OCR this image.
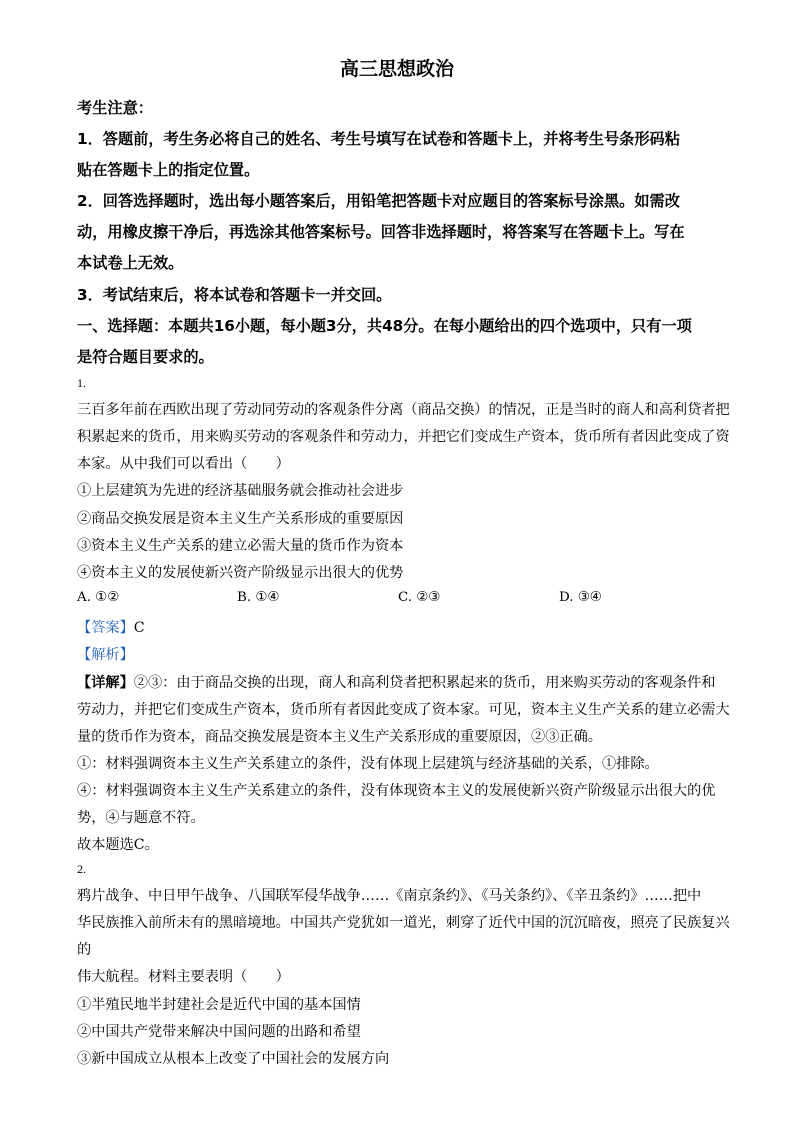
高三思想政治
考生注意：
1．答题前，考生务必将自己的姓名、考生号填写在试卷和答题卡上，并将考生号条形码粘
贴在答题卡上的指定位置。
2．回答选择题时，选出每小题答案后，用铅笔把答题卡对应题目的答案标号涂黑。如需改
动，用橡皮擦干净后，再选涂其他答案标号。回答非选择题时，将答案写在答题卡上。写在
本试卷上无效。
3．考试结束后，将本试卷和答题卡一并交回。
一、选择题：本题共16小题，每小题3分，共48分。在每小题给出的四个选项中，只有一项
是符合题目要求的。
1.
三百多年前在西欧出现了劳动同劳动的客观条件分离（商品交换）的情况，正是当时的商人和高利贷者把
积累起来的货币，用来购买劳动的客观条件和劳动力，并把它们变成生产资本，货币所有者因此变成了资
本家。从中我们可以看出（　　）
①上层建筑为先进的经济基础服务就会推动社会进步
②商品交换发展是资本主义生产关系形成的重要原因
③资本主义生产关系的建立必需大量的货币作为资本
④资本主义的发展使新兴资产阶级显示出很大的优势
A. ①②	B. ①④	C. ②③	D. ③④
【答案】C
【解析】
【详解】②③：由于商品交换的出现，商人和高利贷者把积累起来的货币，用来购买劳动的客观条件和
劳动力，并把它们变成生产资本，货币所有者因此变成了资本家。可见，资本主义生产关系的建立必需大
量的货币作为资本，商品交换发展是资本主义生产关系形成的重要原因，②③正确。
①：材料强调资本主义生产关系建立的条件，没有体现上层建筑与经济基础的关系，①排除。
④：材料强调资本主义生产关系建立的条件，没有体现资本主义的发展使新兴资产阶级显示出很大的优
势，④与题意不符。
故本题选C。
2.
鸦片战争、中日甲午战争、八国联军侵华战争……《南京条约》、《马关条约》、《辛丑条约》……把中
华民族推入前所未有的黑暗境地。中国共产党犹如一道光，刺穿了近代中国的沉沉暗夜，照亮了民族复兴
的
伟大航程。材料主要表明（　　）
①半殖民地半封建社会是近代中国的基本国情
②中国共产党带来解决中国问题的出路和希望
③新中国成立从根本上改变了中国社会的发展方向
